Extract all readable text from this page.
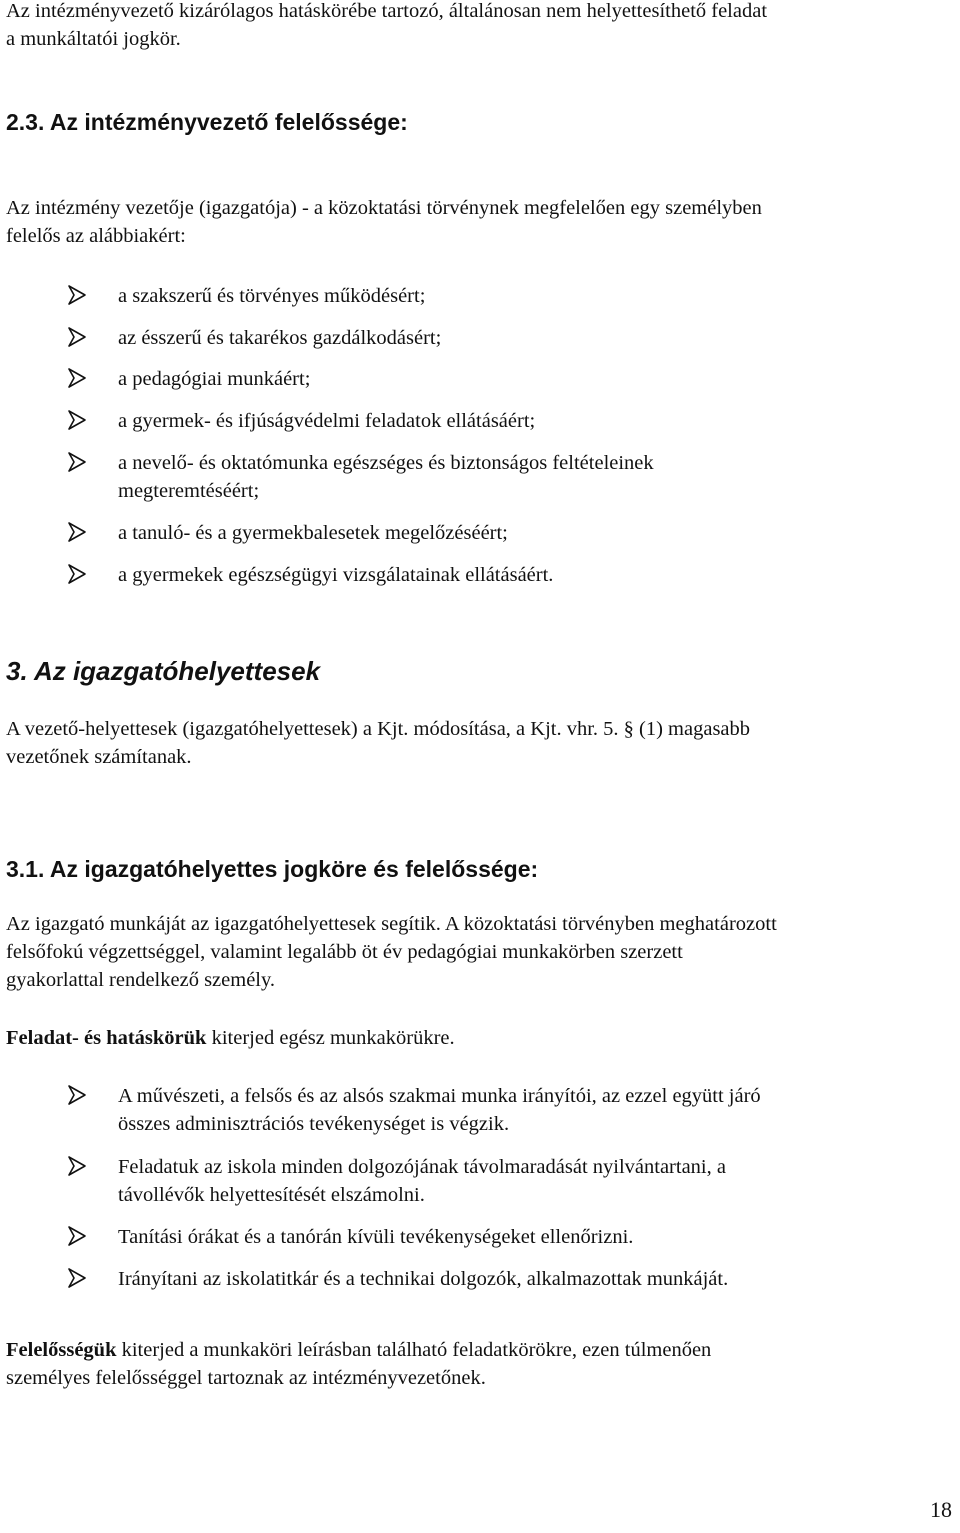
Az intézményvezető kizárólagos hatáskörébe tartozó, általánosan nem helyettesíthető feladat
a munkáltatói jogkör.
2.3. Az intézményvezető felelőssége:
Az intézmény vezetője (igazgatója) - a közoktatási törvénynek megfelelően egy személyben
felelős az alábbiakért:
a szakszerű és törvényes működésért;
az ésszerű és takarékos gazdálkodásért;
a pedagógiai munkáért;
a gyermek- és ifjúságvédelmi feladatok ellátásáért;
a nevelő- és oktatómunka egészséges és biztonságos feltételeinek
megteremtéséért;
a tanuló- és a gyermekbalesetek megelőzéséért;
a gyermekek egészségügyi vizsgálatainak ellátásáért.
3. Az igazgatóhelyettesek
A vezető-helyettesek (igazgatóhelyettesek) a Kjt. módosítása, a Kjt. vhr. 5. § (1) magasabb
vezetőnek számítanak.
3.1. Az igazgatóhelyettes jogköre és felelőssége:
Az igazgató munkáját az igazgatóhelyettesek segítik. A közoktatási törvényben meghatározott
felsőfokú végzettséggel, valamint legalább öt év pedagógiai munkakörben szerzett
gyakorlattal rendelkező személy.
Feladat- és hatáskörük kiterjed egész munkakörükre.
A művészeti, a felsős és az alsós szakmai munka irányítói, az ezzel együtt járó
összes adminisztrációs tevékenységet is végzik.
Feladatuk az iskola minden dolgozójának távolmaradását nyilvántartani, a
távollévők helyettesítését elszámolni.
Tanítási órákat és a tanórán kívüli tevékenységeket ellenőrizni.
Irányítani az iskolatitkár és a technikai dolgozók, alkalmazottak munkáját.
Felelősségük kiterjed a munkaköri leírásban található feladatkörökre, ezen túlmenően
személyes felelősséggel tartoznak az intézményvezetőnek.
18
